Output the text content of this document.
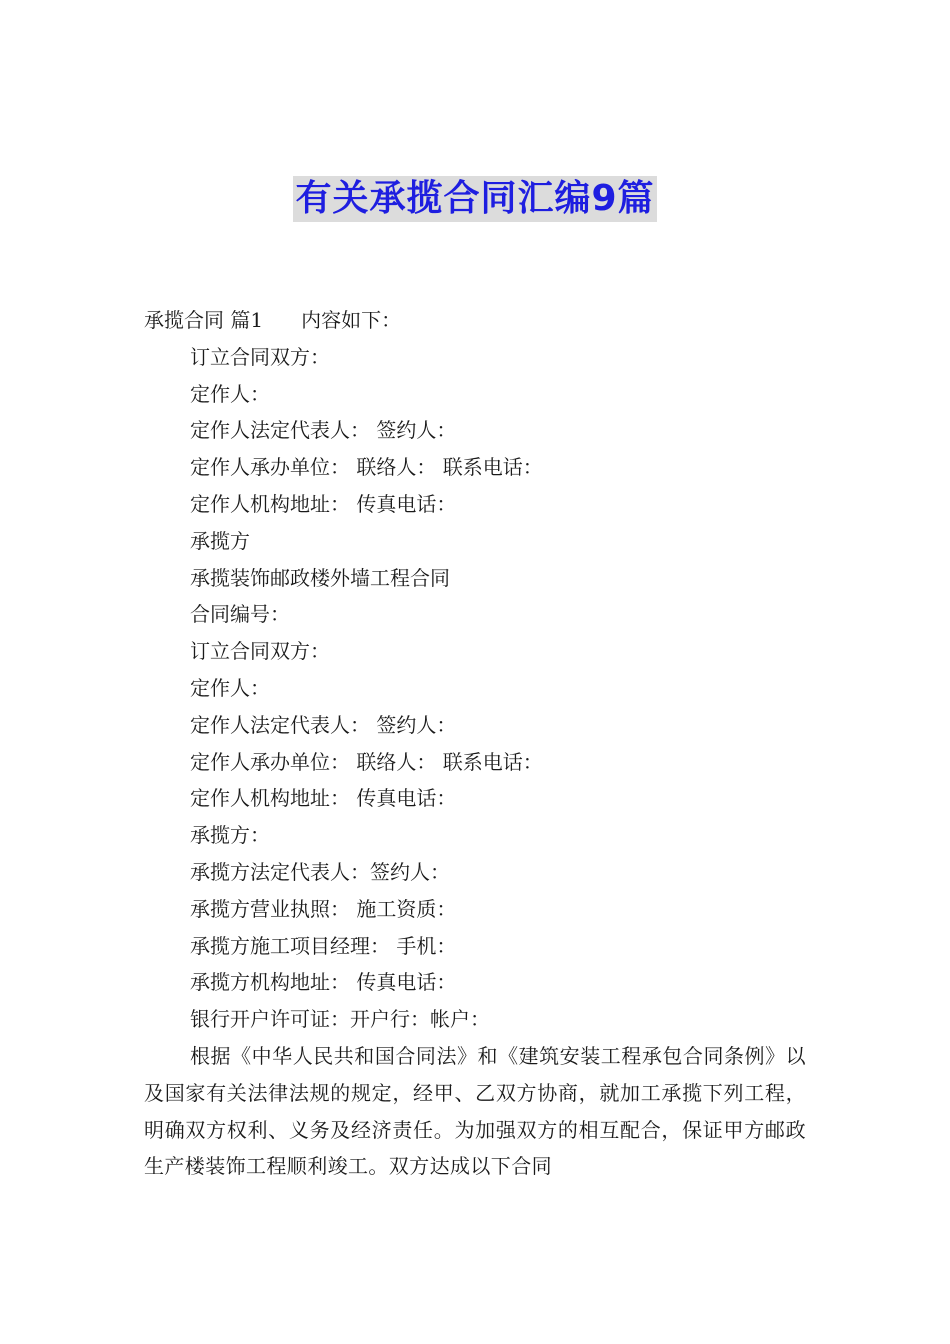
有关承揽合同汇编9篇
承揽合同 篇1 内容如下：
订立合同双方：
定作人：
定作人法定代表人： 签约人：
定作人承办单位： 联络人： 联系电话：
定作人机构地址： 传真电话：
承揽方
承揽装饰邮政楼外墙工程合同
合同编号：
订立合同双方：
定作人：
定作人法定代表人： 签约人：
定作人承办单位： 联络人： 联系电话：
定作人机构地址： 传真电话：
承揽方：
承揽方法定代表人：签约人：
承揽方营业执照： 施工资质：
承揽方施工项目经理： 手机：
承揽方机构地址： 传真电话：
银行开户许可证：开户行：帐户：
根据《中华人民共和国合同法》和《建筑安装工程承包合同条例》以及国家有关法律法规的规定，经甲、乙双方协商，就加工承揽下列工程，明确双方权利、义务及经济责任。为加强双方的相互配合，保证甲方邮政生产楼装饰工程顺利竣工。双方达成以下合同
